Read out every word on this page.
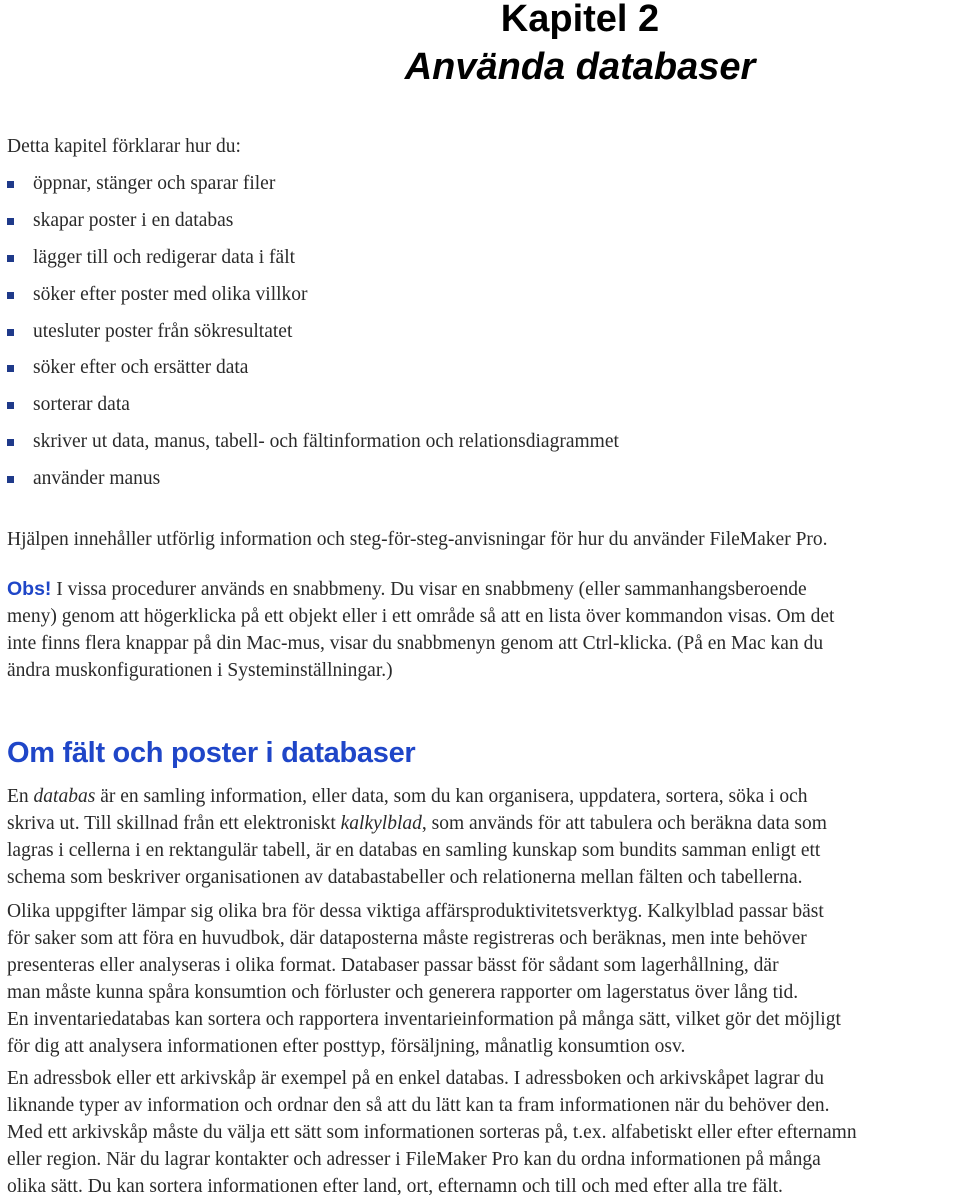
Kapitel 2
Använda databaser
Detta kapitel förklarar hur du:
öppnar, stänger och sparar filer
skapar poster i en databas
lägger till och redigerar data i fält
söker efter poster med olika villkor
utesluter poster från sökresultatet
söker efter och ersätter data
sorterar data
skriver ut data, manus, tabell- och fältinformation och relationsdiagrammet
använder manus
Hjälpen innehåller utförlig information och steg-för-steg-anvisningar för hur du använder FileMaker Pro.
Obs! I vissa procedurer används en snabbmeny. Du visar en snabbmeny (eller sammanhangsberoende
meny) genom att högerklicka på ett objekt eller i ett område så att en lista över kommandon visas. Om det
inte finns flera knappar på din Mac-mus, visar du snabbmenyn genom att Ctrl-klicka. (På en Mac kan du
ändra muskonfigurationen i Systeminställningar.)
Om fält och poster i databaser
En databas är en samling information, eller data, som du kan organisera, uppdatera, sortera, söka i och
skriva ut. Till skillnad från ett elektroniskt kalkylblad, som används för att tabulera och beräkna data som
lagras i cellerna i en rektangulär tabell, är en databas en samling kunskap som bundits samman enligt ett
schema som beskriver organisationen av databastabeller och relationerna mellan fälten och tabellerna.
Olika uppgifter lämpar sig olika bra för dessa viktiga affärsproduktivitetsverktyg. Kalkylblad passar bäst
för saker som att föra en huvudbok, där dataposterna måste registreras och beräknas, men inte behöver
presenteras eller analyseras i olika format. Databaser passar bässt för sådant som lagerhållning, där
man måste kunna spåra konsumtion och förluster och generera rapporter om lagerstatus över lång tid.
En inventariedatabas kan sortera och rapportera inventarieinformation på många sätt, vilket gör det möjligt
för dig att analysera informationen efter posttyp, försäljning, månatlig konsumtion osv.
En adressbok eller ett arkivskåp är exempel på en enkel databas. I adressboken och arkivskåpet lagrar du
liknande typer av information och ordnar den så att du lätt kan ta fram informationen när du behöver den.
Med ett arkivskåp måste du välja ett sätt som informationen sorteras på, t.ex. alfabetiskt eller efter efternamn
eller region. När du lagrar kontakter och adresser i FileMaker Pro kan du ordna informationen på många
olika sätt. Du kan sortera informationen efter land, ort, efternamn och till och med efter alla tre fält.
